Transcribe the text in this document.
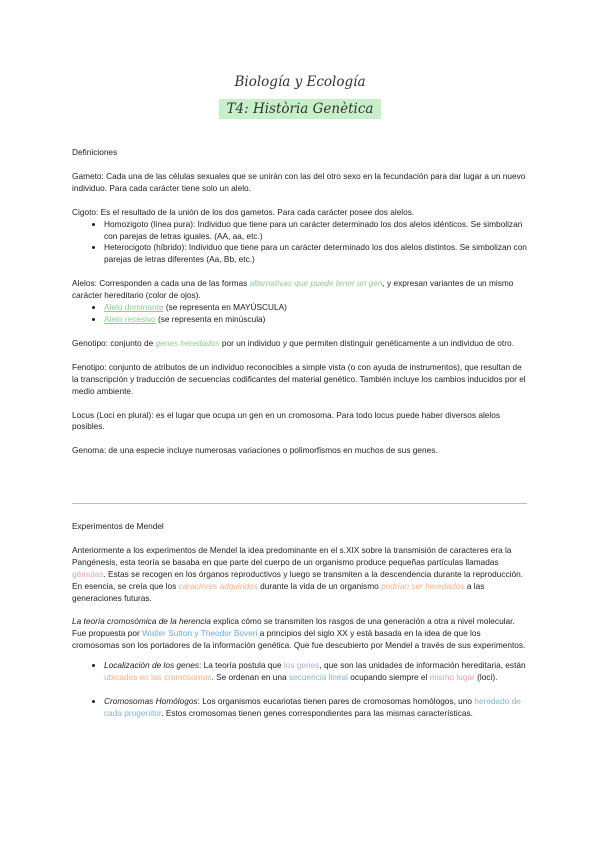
Biología y Ecología
T4: Història Genètica

Definiciones

Gameto: Cada una de las células sexuales que se unirán con las del otro sexo en la fecundación para dar lugar a un nuevo individuo. Para cada carácter tiene solo un alelo.

Cigoto: Es el resultado de la unión de los dos gametos. Para cada carácter posee dos alelos.

• Homozigoto (línea pura): Individuo que tiene para un carácter determinado los dos alelos idénticos. Se simbolizan con parejas de letras iguales. (AA, aa, etc.)
• Heterocigoto (híbrido): Individuo que tiene para un carácter determinado los dos alelos distintos. Se simbolizan con parejas de letras diferentes (Aa, Bb, etc.)

Alelos: Corresponden a cada una de las formas alternativas que puede tener un gen, y expresan variantes de un mismo carácter hereditario (color de ojos).

• Alelo dominante (se representa en MAYÚSCULA)
• Alelo recesivo (se representa en minúscula)

Genotipo: conjunto de genes heredados por un individuo y que permiten distinguir genéticamente a un individuo de otro.

Fenotipo: conjunto de atributos de un individuo reconocibles a simple vista (o con ayuda de instrumentos), que resultan de la transcripción y traducción de secuencias codificantes del material genético. También incluye los cambios inducidos por el medio ambiente.

Locus (Loci en plural): es el lugar que ocupa un gen en un cromosoma. Para todo locus puede haber diversos alelos posibles.

Genoma: de una especie incluye numerosas variaciones o polimorfismos en muchos de sus genes.

Experimentos de Mendel

Anteriormente a los experimentos de Mendel la idea predominante en el s.XIX sobre la transmisión de caracteres era la Pangénesis, esta teoría se basaba en que parte del cuerpo de un organismo produce pequeñas partículas llamadas gémulas. Estas se recogen en los órganos reproductivos y luego se transmiten a la descendencia durante la reproducción. En esencia, se creía que los caracteres adquiridos durante la vida de un organismo podrían ser heredados a las generaciones futuras.

La teoría cromosómica de la herencia explica cómo se transmiten los rasgos de una generación a otra a nivel molecular. Fue propuesta por Walter Sutton y Theodor Boveri a principios del siglo XX y está basada en la idea de que los cromosomas son los portadores de la información genética. Que fue descubierto por Mendel a través de sus experimentos.

• Localización de los genes: La teoría postula que los genes, que son las unidades de información hereditaria, están ubicados en los cromosomas. Se ordenan en una secuencia lineal ocupando siempre el mismo lugar (loci).
• Cromosomas Homólogos: Los organismos eucariotas tienen pares de cromosomas homólogos, uno heredado de cada progenitor. Estos cromosomas tienen genes correspondientes para las mismas características.
